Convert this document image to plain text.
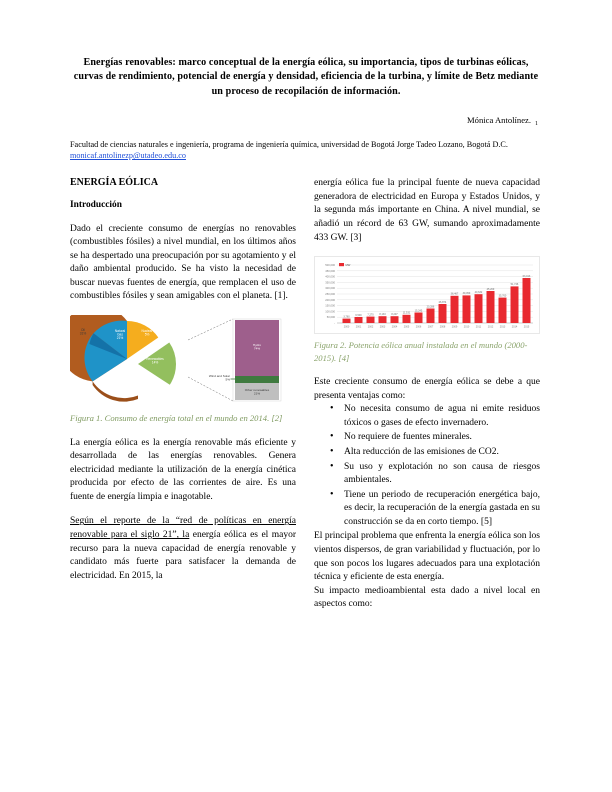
Energías renovables: marco conceptual de la energía eólica, su importancia, tipos de turbinas eólicas, curvas de rendimiento, potencial de energía y densidad, eficiencia de la turbina, y límite de Betz mediante un proceso de recopilación de información.
Mónica Antolínez. $_1$
Facultad de ciencias naturales e ingeniería, programa de ingeniería química, universidad de Bogotá Jorge Tadeo Lozano, Bogotá D.C.
monicaf.antolinezp@utadeo.edu.co
ENERGÍA EÓLICA
Introducción

Dado el creciente consumo de energías no renovables (combustibles fósiles) a nivel mundial, en los últimos años se ha despertado una preocupación por su agotamiento y el daño ambiental producido. Se ha visto la necesidad de buscar nuevas fuentes de energía, que remplacen el uso de combustibles fósiles y sean amigables con el planeta. [1].

Natural
Gas
21%
Nuclear
5%
Coal
29%
Renewables
14%
Oil
31%
Hydro
74%
Other renewables
21%
Wind and Solar
5%
Figura 1. Consumo de energía total en el mundo en 2014. [2]

La energía eólica es la energía renovable más eficiente y desarrollada de las energías renovables. Genera electricidad mediante la utilización de la energía cinética producida por efecto de las corrientes de aire. Es una fuente de energía limpia e inagotable.

Según el reporte de la “red de políticas en energía renovable para el siglo 21”, la energía eólica es el mayor recurso para la nueva capacidad de energía renovable y candidato más fuerte para satisfacer la demanda de electricidad. En 2015, la

energía eólica fue la principal fuente de nueva capacidad generadora de electricidad en Europa y Estados Unidos, y la segunda más importante en China. A nivel mundial, se añadió un récord de 63 GW, sumando aproximadamente 433 GW. [3]

500,000
450,000
400,000
350,000
300,000
250,000
200,000
150,000
100,000
50,000
-
MW
3,760
6,500 7,270 8,133 8,207 11,531
15,245
20,286
26,874
38,467 39,059 40,632
45,209
35,760
51,746
63,013
2000	2001	2002	2003	2004	2005	2006	2007	2008	2009	2010	2011	2012	2013	2014	2015
Figura 2. Potencia eólica anual instalada en el mundo (2000-2015). [4]

Este creciente consumo de energía eólica se debe a que presenta ventajas como:

• No necesita consumo de agua ni emite residuos tóxicos o gases de efecto invernadero.
• No requiere de fuentes minerales.
• Alta reducción de las emisiones de CO2.
• Su uso y explotación no son causa de riesgos ambientales.
• Tiene un periodo de recuperación energética bajo, es decir, la recuperación de la energía gastada en su construcción se da en corto tiempo. [5]

El principal problema que enfrenta la energía eólica son los vientos dispersos, de gran variabilidad y fluctuación, por lo que son pocos los lugares adecuados para una explotación técnica y eficiente de esta energía.

Su impacto medioambiental esta dado a nivel local en aspectos como:
